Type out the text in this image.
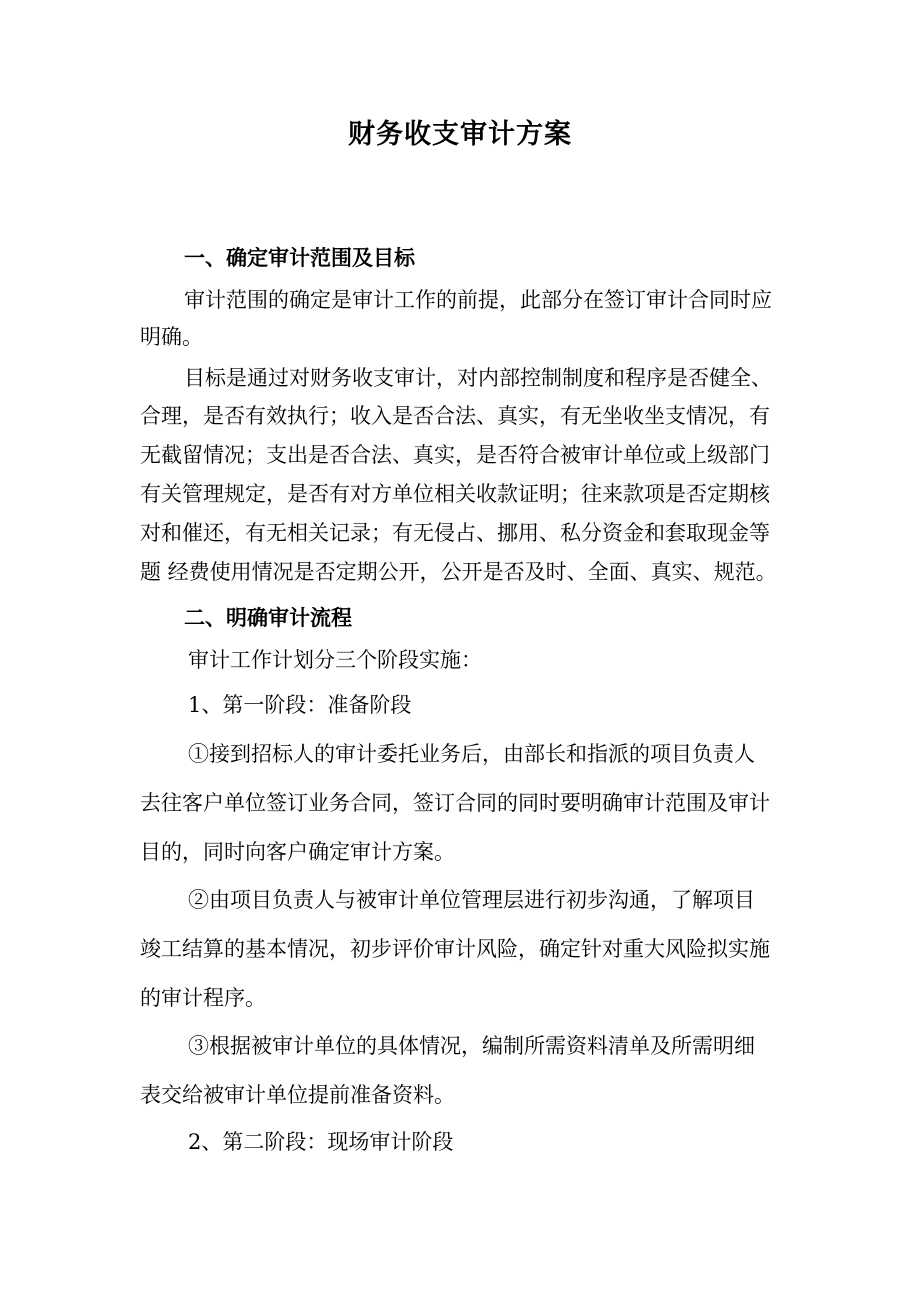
财务收支审计方案
一、确定审计范围及目标
审计范围的确定是审计工作的前提，此部分在签订审计合同时应
明确。
目标是通过对财务收支审计，对内部控制制度和程序是否健全、
合理，是否有效执行；收入是否合法、真实，有无坐收坐支情况，有
无截留情况；支出是否合法、真实，是否符合被审计单位或上级部门
有关管理规定，是否有对方单位相关收款证明；往来款项是否定期核
对和催还，有无相关记录；有无侵占、挪用、私分资金和套取现金等
题 经费使用情况是否定期公开，公开是否及时、全面、真实、规范。
二、明确审计流程
审计工作计划分三个阶段实施：
1、第一阶段：准备阶段
①接到招标人的审计委托业务后，由部长和指派的项目负责人
去往客户单位签订业务合同，签订合同的同时要明确审计范围及审计
目的，同时向客户确定审计方案。
②由项目负责人与被审计单位管理层进行初步沟通，了解项目
竣工结算的基本情况，初步评价审计风险，确定针对重大风险拟实施
的审计程序。
③根据被审计单位的具体情况，编制所需资料清单及所需明细
表交给被审计单位提前准备资料。
2、第二阶段：现场审计阶段
